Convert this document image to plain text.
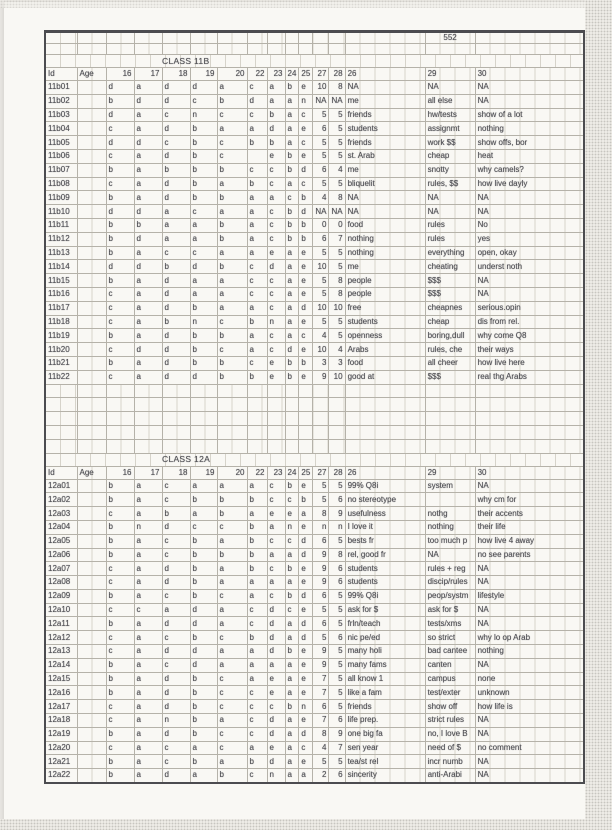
														552	

CLASS 11B															
Id	Age	16	17	18	19	20	22	23	24	25	27	28	26	29	30
11b01		d	a	d	d	a	c	a	b	e	10	8	NA	NA	NA
11b02		b	d	d	c	b	d	a	a	n	NA	NA	me	all else	NA
11b03		d	a	c	n	c	c	b	a	c	5	5	friends	hw/tests	show of a lot
11b04		c	a	d	b	a	a	d	a	e	6	5	students	assignmt	nothing
11b05		d	d	c	b	c	b	b	a	c	5	5	friends	work $$	show offs, bor
11b06		c	a	d	b	c		e	b	e	5	5	st. Arab	cheap	heat
11b07		b	a	b	b	b	c	c	b	d	6	4	me	snotty	why camels?
11b08		c	a	d	b	a	b	c	a	c	5	5	bliquelit	rules, $$	how live dayly
11b09		b	a	d	b	b	a	a	c	b	4	8	NA	NA	NA
11b10		d	d	a	c	a	a	c	b	d	NA	NA	NA	NA	NA
11b11		b	b	a	a	b	a	c	b	b	0	0	food	rules	No
11b12		b	d	a	a	b	a	c	b	b	6	7	nothing	rules	yes
11b13		b	a	c	c	a	a	e	a	e	5	5	nothing	everything	open, okay
11b14		d	d	b	d	b	c	d	a	e	10	5	me	cheating	underst noth
11b15		b	a	d	a	a	c	c	a	e	5	8	people	$$$	NA
11b16		c	a	d	a	a	c	c	a	e	5	8	people	$$$	NA
11b17		c	a	d	b	a	a	c	a	d	10	10	free	cheapnes	serious.opin
11b18		c	a	b	n	c	b	n	a	e	5	5	students	cheap	dis from rel.
11b19		b	a	d	b	b	a	c	a	c	4	5	openness	boring,dull	why come Q8
11b20		c	d	d	b	c	a	c	d	e	10	4	Arabs	rules, che	their ways
11b21		b	a	d	b	b	c	e	b	b	3	3	food	all cheer	how live here
11b22		c	a	d	d	b	b	e	b	e	9	10	good at	$$$	real thg Arabs

CLASS 12A															
Id	Age	16	17	18	19	20	22	23	24	25	27	28	26	29	30
12a01		b	a	c	a	a	a	c	b	e	5	5	99% Q8i	system	NA
12a02		b	a	c	b	b	b	c	c	b	5	6	no stereotype		why cm for
12a03		c	a	b	a	b	a	e	e	a	8	9	usefulness	nothg	their accents
12a04		b	n	d	c	c	b	a	n	e	n	n	I love it	nothing	their life
12a05		b	a	c	b	a	b	c	c	d	6	5	bests fr	too much p	how live 4 away
12a06		b	a	c	b	b	b	a	a	d	9	8	rel, good fr	NA	no see parents
12a07		c	a	d	b	a	b	c	b	e	9	6	students	rules + reg	NA
12a08		c	a	d	b	a	a	a	a	e	9	6	students	discip/rules	NA
12a09		b	a	c	b	c	a	c	b	d	6	5	99% Q8i	peop/systm	lifestyle
12a10		c	c	a	d	a	c	d	c	e	5	5	ask for $	ask for $	NA
12a11		b	a	d	d	a	c	d	a	d	6	5	frln/teach	tests/xms	NA
12a12		c	a	c	b	c	b	d	a	d	5	6	nic pe/ed	so strict	why lo op Arab
12a13		c	a	d	d	a	a	d	b	e	9	5	many holi	bad cantee	nothing
12a14		b	a	c	d	a	a	a	a	e	9	5	many fams	canten	NA
12a15		b	a	d	b	c	a	e	a	e	7	5	all know 1	campus	none
12a16		b	a	d	b	c	c	e	a	e	7	5	like a fam	test/exter	unknown
12a17		c	a	d	b	c	c	c	b	n	6	5	friends	show off	how life is
12a18		c	a	n	b	a	c	d	a	e	7	6	life prep.	strict rules	NA
12a19		b	a	d	b	c	c	d	a	d	8	9	one big fa	no, I love B	NA
12a20		c	a	c	a	c	a	e	a	c	4	7	sen year	need of $	no comment
12a21		b	a	c	b	a	b	d	a	e	5	5	tea/st rel	incr numb	NA
12a22		b	a	d	a	b	c	n	a	a	2	6	sincerity	anti-Arabi	NA
